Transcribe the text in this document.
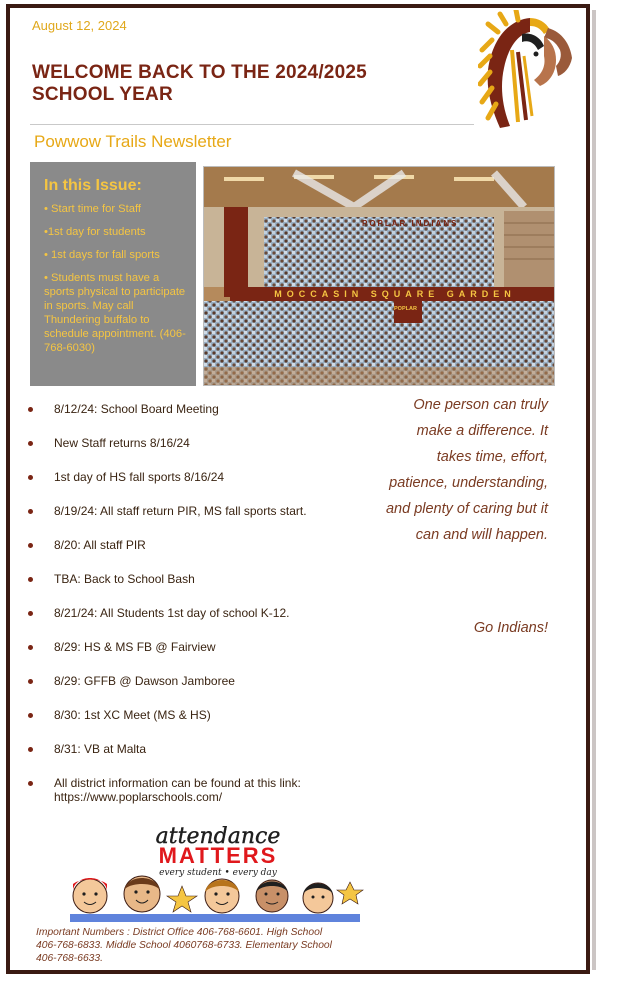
August 12, 2024
WELCOME BACK TO THE 2024/2025 SCHOOL YEAR
Powwow Trails Newsletter
In this Issue:
• Start time for Staff
•1st day for students
• 1st days for fall sports
• Students must have a sports physical to participate in sports. May call Thundering buffalo to schedule appointment. (406-768-6030)
MOCCASIN SQUARE GARDEN
POPLAR INDIANS
POPLAR
8/12/24: School Board Meeting
New Staff returns 8/16/24
1st day of HS fall sports 8/16/24
8/19/24: All staff return PIR, MS fall sports start.
8/20: All staff PIR
TBA: Back to School Bash
8/21/24: All Students 1st day of school K-12.
8/29: HS & MS FB @ Fairview
8/29: GFFB @ Dawson Jamboree
8/30: 1st XC Meet (MS & HS)
8/31: VB at Malta
All district information can be found at this link: https://www.poplarschools.com/
One person can truly make a difference. It takes time, effort, patience, understanding, and plenty of caring but it can and will happen.
Go Indians!
attendance
MATTERS
every student • every day
Important Numbers : District Office 406-768-6601. High School 406-768-6833. Middle School 4060768-6733. Elementary School 406-768-6633.
